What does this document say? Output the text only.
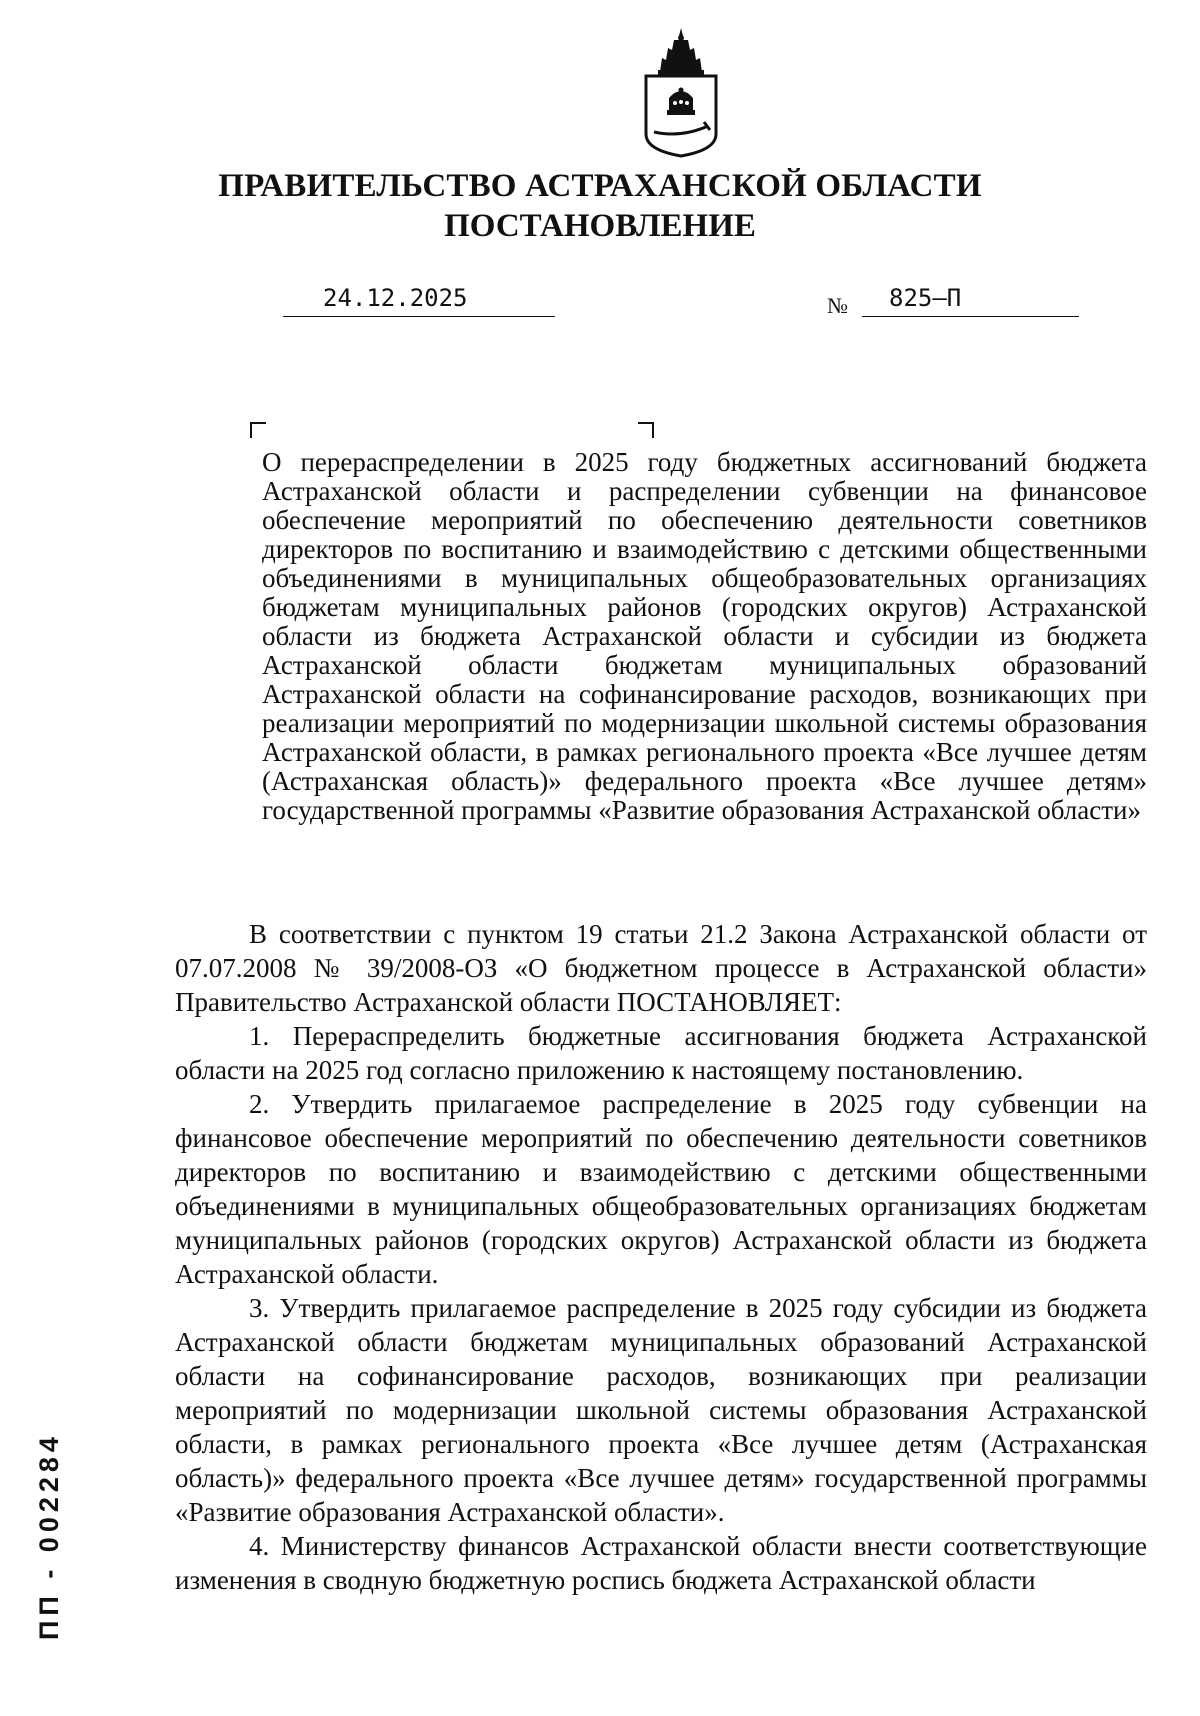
ПРАВИТЕЛЬСТВО АСТРАХАНСКОЙ ОБЛАСТИ
ПОСТАНОВЛЕНИЕ
24.12.2025	№ 825–П

О перераспределении в 2025 году бюджетных ассигнований бюджета Астраханской области и распределении субвенции на финансовое обеспечение мероприятий по обеспечению деятельности советников директоров по воспитанию и взаимодействию с детскими общественными объединениями в муниципальных общеобразовательных организациях бюджетам муниципальных районов (городских округов) Астраханской области из бюджета Астраханской области и субсидии из бюджета Астраханской области бюджетам муниципальных образований Астраханской области на софинансирование расходов, возникающих при реализации мероприятий по модернизации школьной системы образования Астраханской области, в рамках регионального проекта «Все лучшее детям (Астраханская область)» федерального проекта «Все лучшее детям» государственной программы «Развитие образования Астраханской области»

В соответствии с пунктом 19 статьи 21.2 Закона Астраханской области от 07.07.2008 № 39/2008-ОЗ «О бюджетном процессе в Астраханской области» Правительство Астраханской области ПОСТАНОВЛЯЕТ:

1. Перераспределить бюджетные ассигнования бюджета Астраханской области на 2025 год согласно приложению к настоящему постановлению.

2. Утвердить прилагаемое распределение в 2025 году субвенции на финансовое обеспечение мероприятий по обеспечению деятельности советников директоров по воспитанию и взаимодействию с детскими общественными объединениями в муниципальных общеобразовательных организациях бюджетам муниципальных районов (городских округов) Астраханской области из бюджета Астраханской области.

3. Утвердить прилагаемое распределение в 2025 году субсидии из бюджета Астраханской области бюджетам муниципальных образований Астраханской области на софинансирование расходов, возникающих при реализации мероприятий по модернизации школьной системы образования Астраханской области, в рамках регионального проекта «Все лучшее детям (Астраханская область)» федерального проекта «Все лучшее детям» государственной программы «Развитие образования Астраханской области».

4. Министерству финансов Астраханской области внести соответствующие изменения в сводную бюджетную роспись бюджета Астраханской области

ПП - 002284
